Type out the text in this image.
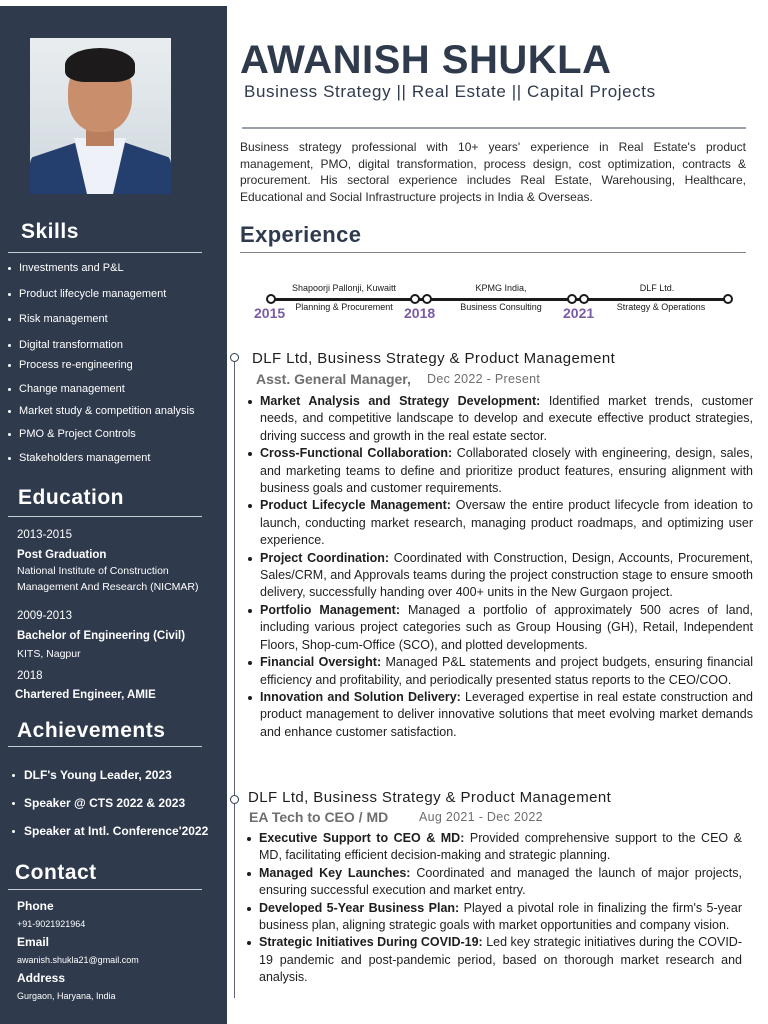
Skills
Investments and P&L
Product lifecycle management
Risk management
Digital transformation
Process re-engineering
Change management
Market study & competition analysis
PMO & Project Controls
Stakeholders management
Education
2013-2015
Post Graduation
National Institute of Construction Management And Research (NICMAR)
2009-2013
Bachelor of Engineering (Civil)
KITS, Nagpur
2018
Chartered Engineer, AMIE
Achievements
DLF's Young Leader, 2023
Speaker @ CTS 2022 & 2023
Speaker at Intl. Conference'2022
Contact
Phone
+91-9021921964
Email
awanish.shukla21@gmail.com
Address
Gurgaon, Haryana, India
AWANISH SHUKLA
Business Strategy || Real Estate || Capital Projects
Business strategy professional with 10+ years' experience in Real Estate's product management, PMO, digital transformation, process design, cost optimization, contracts & procurement. His sectoral experience includes Real Estate, Warehousing, Healthcare, Educational and Social Infrastructure projects in India & Overseas.
Experience
2015	2018	2021
Shapoorji Pallonji, Kuwaitt	KPMG India,	DLF Ltd.
Planning & Procurement	Business Consulting	Strategy & Operations
DLF Ltd, Business Strategy & Product Management
Asst. General Manager, Dec 2022 - Present
Market Analysis and Strategy Development: Identified market trends, customer needs, and competitive landscape to develop and execute effective product strategies, driving success and growth in the real estate sector.
Cross-Functional Collaboration: Collaborated closely with engineering, design, sales, and marketing teams to define and prioritize product features, ensuring alignment with business goals and customer requirements.
Product Lifecycle Management: Oversaw the entire product lifecycle from ideation to launch, conducting market research, managing product roadmaps, and optimizing user experience.
Project Coordination: Coordinated with Construction, Design, Accounts, Procurement, Sales/CRM, and Approvals teams during the project construction stage to ensure smooth delivery, successfully handing over 400+ units in the New Gurgaon project.
Portfolio Management: Managed a portfolio of approximately 500 acres of land, including various project categories such as Group Housing (GH), Retail, Independent Floors, Shop-cum-Office (SCO), and plotted developments.
Financial Oversight: Managed P&L statements and project budgets, ensuring financial efficiency and profitability, and periodically presented status reports to the CEO/COO.
Innovation and Solution Delivery: Leveraged expertise in real estate construction and product management to deliver innovative solutions that meet evolving market demands and enhance customer satisfaction.
DLF Ltd, Business Strategy & Product Management
EA Tech to CEO / MD Aug 2021 - Dec 2022
Executive Support to CEO & MD: Provided comprehensive support to the CEO & MD, facilitating efficient decision-making and strategic planning.
Managed Key Launches: Coordinated and managed the launch of major projects, ensuring successful execution and market entry.
Developed 5-Year Business Plan: Played a pivotal role in finalizing the firm's 5-year business plan, aligning strategic goals with market opportunities and company vision.
Strategic Initiatives During COVID-19: Led key strategic initiatives during the COVID-19 pandemic and post-pandemic period, based on thorough market research and analysis.
